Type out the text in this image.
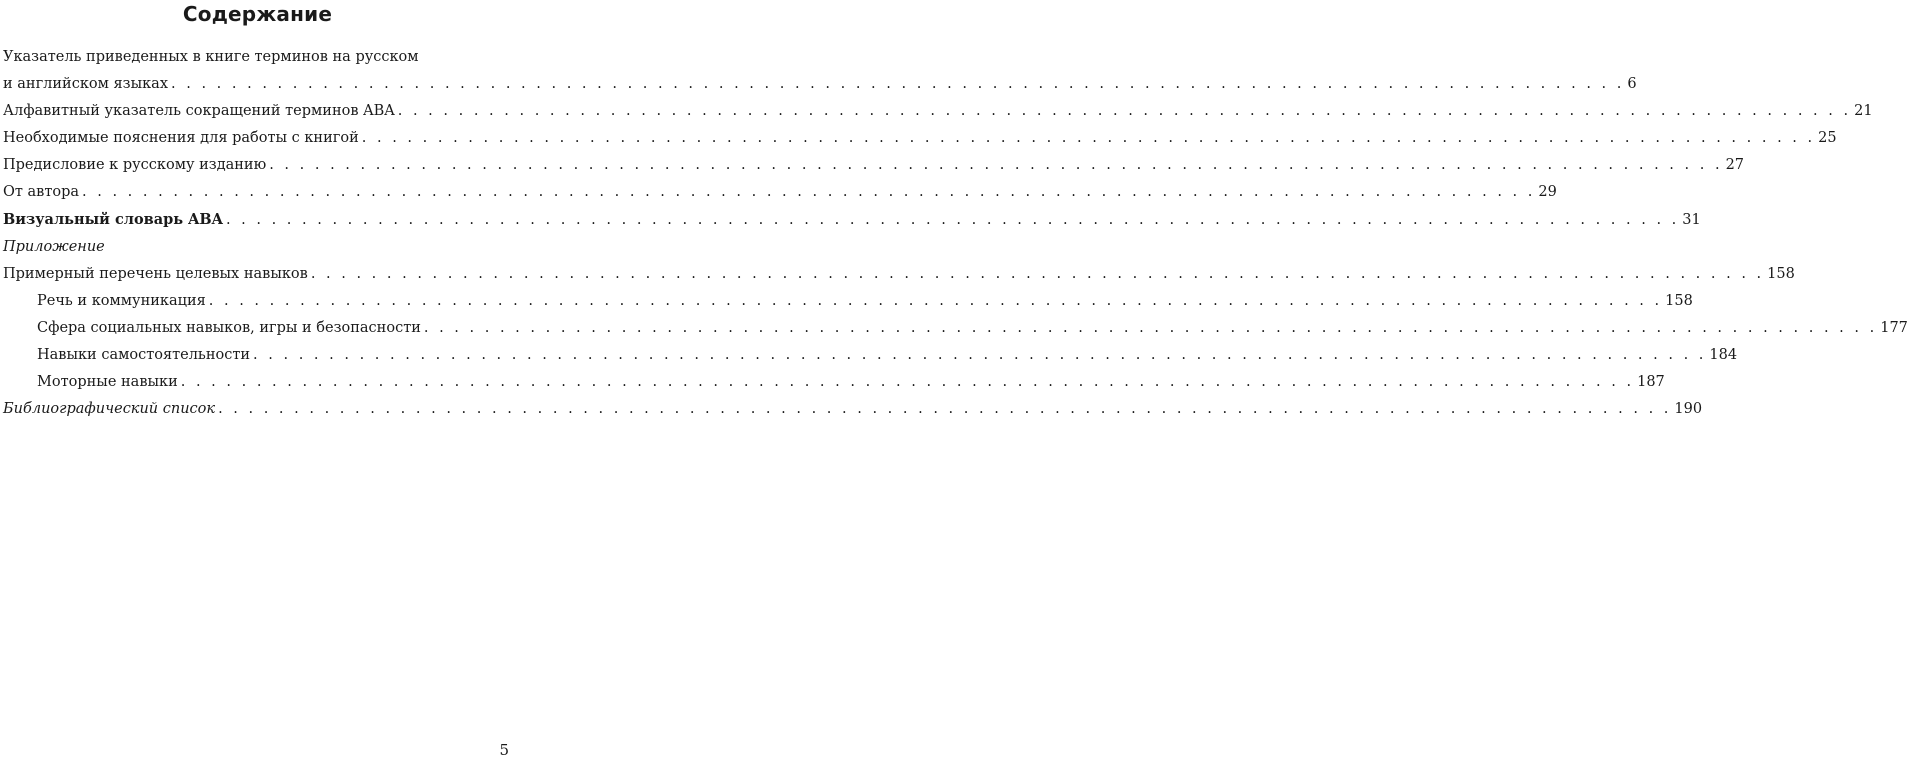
Содержание
Указатель приведенных в книге терминов на русском
и английском языках . . . . . . . . . . . . . . . . . . . . . . . . . . . . . . . . . . . . . . . . . . . . . . . . . . . . . . . . . . . . . . . . . . . . . . . . . . . . . . . . . . . . . . . . . . . . . . . . 6
Алфавитный указатель сокращений терминов ABA . . . . . . . . . . . . . . . . . . . . . . . . . . . . . . . . . . . . . . . . . . . . . . . . . . . . . . . . . . . . . . . . . . . . . . . . . . . . . . . . . . . . . . . . . . . . . . . . 21
Необходимые пояснения для работы с книгой . . . . . . . . . . . . . . . . . . . . . . . . . . . . . . . . . . . . . . . . . . . . . . . . . . . . . . . . . . . . . . . . . . . . . . . . . . . . . . . . . . . . . . . . . . . . . . . . 25
Предисловие к русскому изданию . . . . . . . . . . . . . . . . . . . . . . . . . . . . . . . . . . . . . . . . . . . . . . . . . . . . . . . . . . . . . . . . . . . . . . . . . . . . . . . . . . . . . . . . . . . . . . . . 27
От автора . . . . . . . . . . . . . . . . . . . . . . . . . . . . . . . . . . . . . . . . . . . . . . . . . . . . . . . . . . . . . . . . . . . . . . . . . . . . . . . . . . . . . . . . . . . . . . . . 29
Визуальный словарь ABA . . . . . . . . . . . . . . . . . . . . . . . . . . . . . . . . . . . . . . . . . . . . . . . . . . . . . . . . . . . . . . . . . . . . . . . . . . . . . . . . . . . . . . . . . . . . . . . . 31
Приложение
Примерный перечень целевых навыков . . . . . . . . . . . . . . . . . . . . . . . . . . . . . . . . . . . . . . . . . . . . . . . . . . . . . . . . . . . . . . . . . . . . . . . . . . . . . . . . . . . . . . . . . . . . . . . . 158
Речь и коммуникация . . . . . . . . . . . . . . . . . . . . . . . . . . . . . . . . . . . . . . . . . . . . . . . . . . . . . . . . . . . . . . . . . . . . . . . . . . . . . . . . . . . . . . . . . . . . . . . . 158
Сфера социальных навыков, игры и безопасности . . . . . . . . . . . . . . . . . . . . . . . . . . . . . . . . . . . . . . . . . . . . . . . . . . . . . . . . . . . . . . . . . . . . . . . . . . . . . . . . . . . . . . . . . . . . . . . . 177
Навыки самостоятельности . . . . . . . . . . . . . . . . . . . . . . . . . . . . . . . . . . . . . . . . . . . . . . . . . . . . . . . . . . . . . . . . . . . . . . . . . . . . . . . . . . . . . . . . . . . . . . . . 184
Моторные навыки . . . . . . . . . . . . . . . . . . . . . . . . . . . . . . . . . . . . . . . . . . . . . . . . . . . . . . . . . . . . . . . . . . . . . . . . . . . . . . . . . . . . . . . . . . . . . . . . 187
Библиографический список . . . . . . . . . . . . . . . . . . . . . . . . . . . . . . . . . . . . . . . . . . . . . . . . . . . . . . . . . . . . . . . . . . . . . . . . . . . . . . . . . . . . . . . . . . . . . . . . 190
5
